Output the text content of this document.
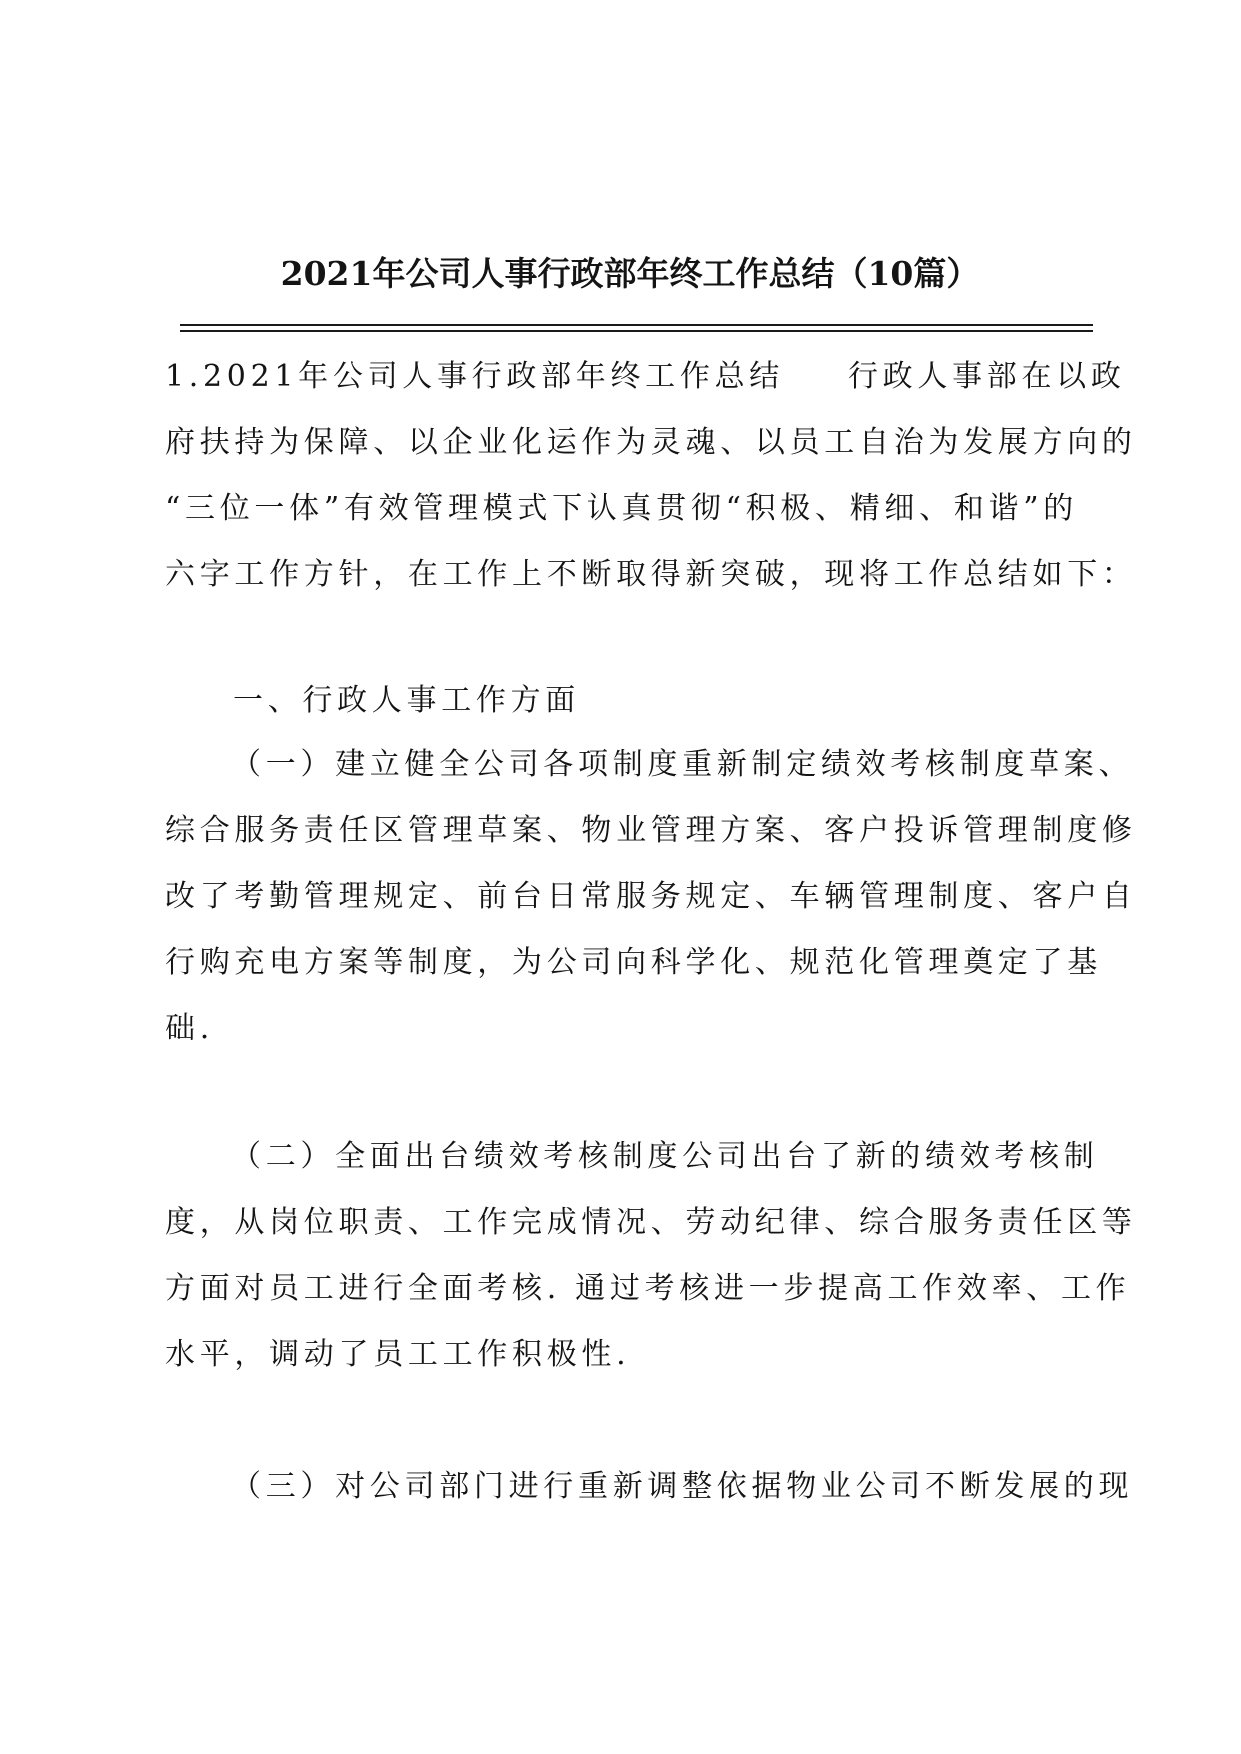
2021年公司人事行政部年终工作总结（10篇）
1.2021年公司人事行政部年终工作总结 行政人事部在以政
府扶持为保障、以企业化运作为灵魂、以员工自治为发展方向的
“三位一体”有效管理模式下认真贯彻“积极、精细、和谐”的
六字工作方针，在工作上不断取得新突破，现将工作总结如下：
一、行政人事工作方面
（一）建立健全公司各项制度重新制定绩效考核制度草案、
综合服务责任区管理草案、物业管理方案、客户投诉管理制度修
改了考勤管理规定、前台日常服务规定、车辆管理制度、客户自
行购充电方案等制度，为公司向科学化、规范化管理奠定了基
础.
（二）全面出台绩效考核制度公司出台了新的绩效考核制
度，从岗位职责、工作完成情况、劳动纪律、综合服务责任区等
方面对员工进行全面考核. 通过考核进一步提高工作效率、工作
水平，调动了员工工作积极性.
（三）对公司部门进行重新调整依据物业公司不断发展的现
